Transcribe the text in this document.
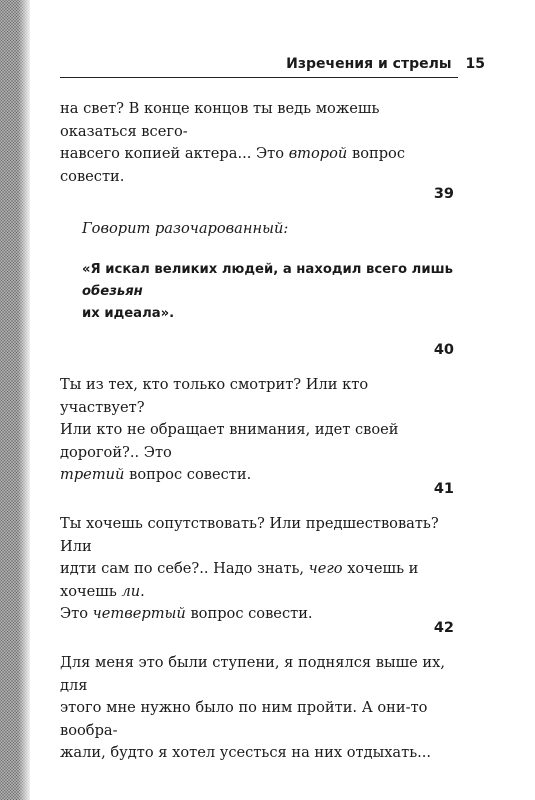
Изречения и стрелы 15
на свет? В конце концов ты ведь можешь оказаться всего-
навсего копией актера... Это второй вопрос совести.
39
Говорит разочарованный:
«Я искал великих людей, а находил всего лишь обезьян
их идеала».
40
Ты из тех, кто только смотрит? Или кто участвует?
Или кто не обращает внимания, идет своей дорогой?.. Это
третий вопрос совести.
41
Ты хочешь сопутствовать? Или предшествовать? Или
идти сам по себе?.. Надо знать, чего хочешь и хочешь ли.
Это четвертый вопрос совести.
42
Для меня это были ступени, я поднялся выше их, для
этого мне нужно было по ним пройти. А они-то вообра-
жали, будто я хотел усесться на них отдыхать...
